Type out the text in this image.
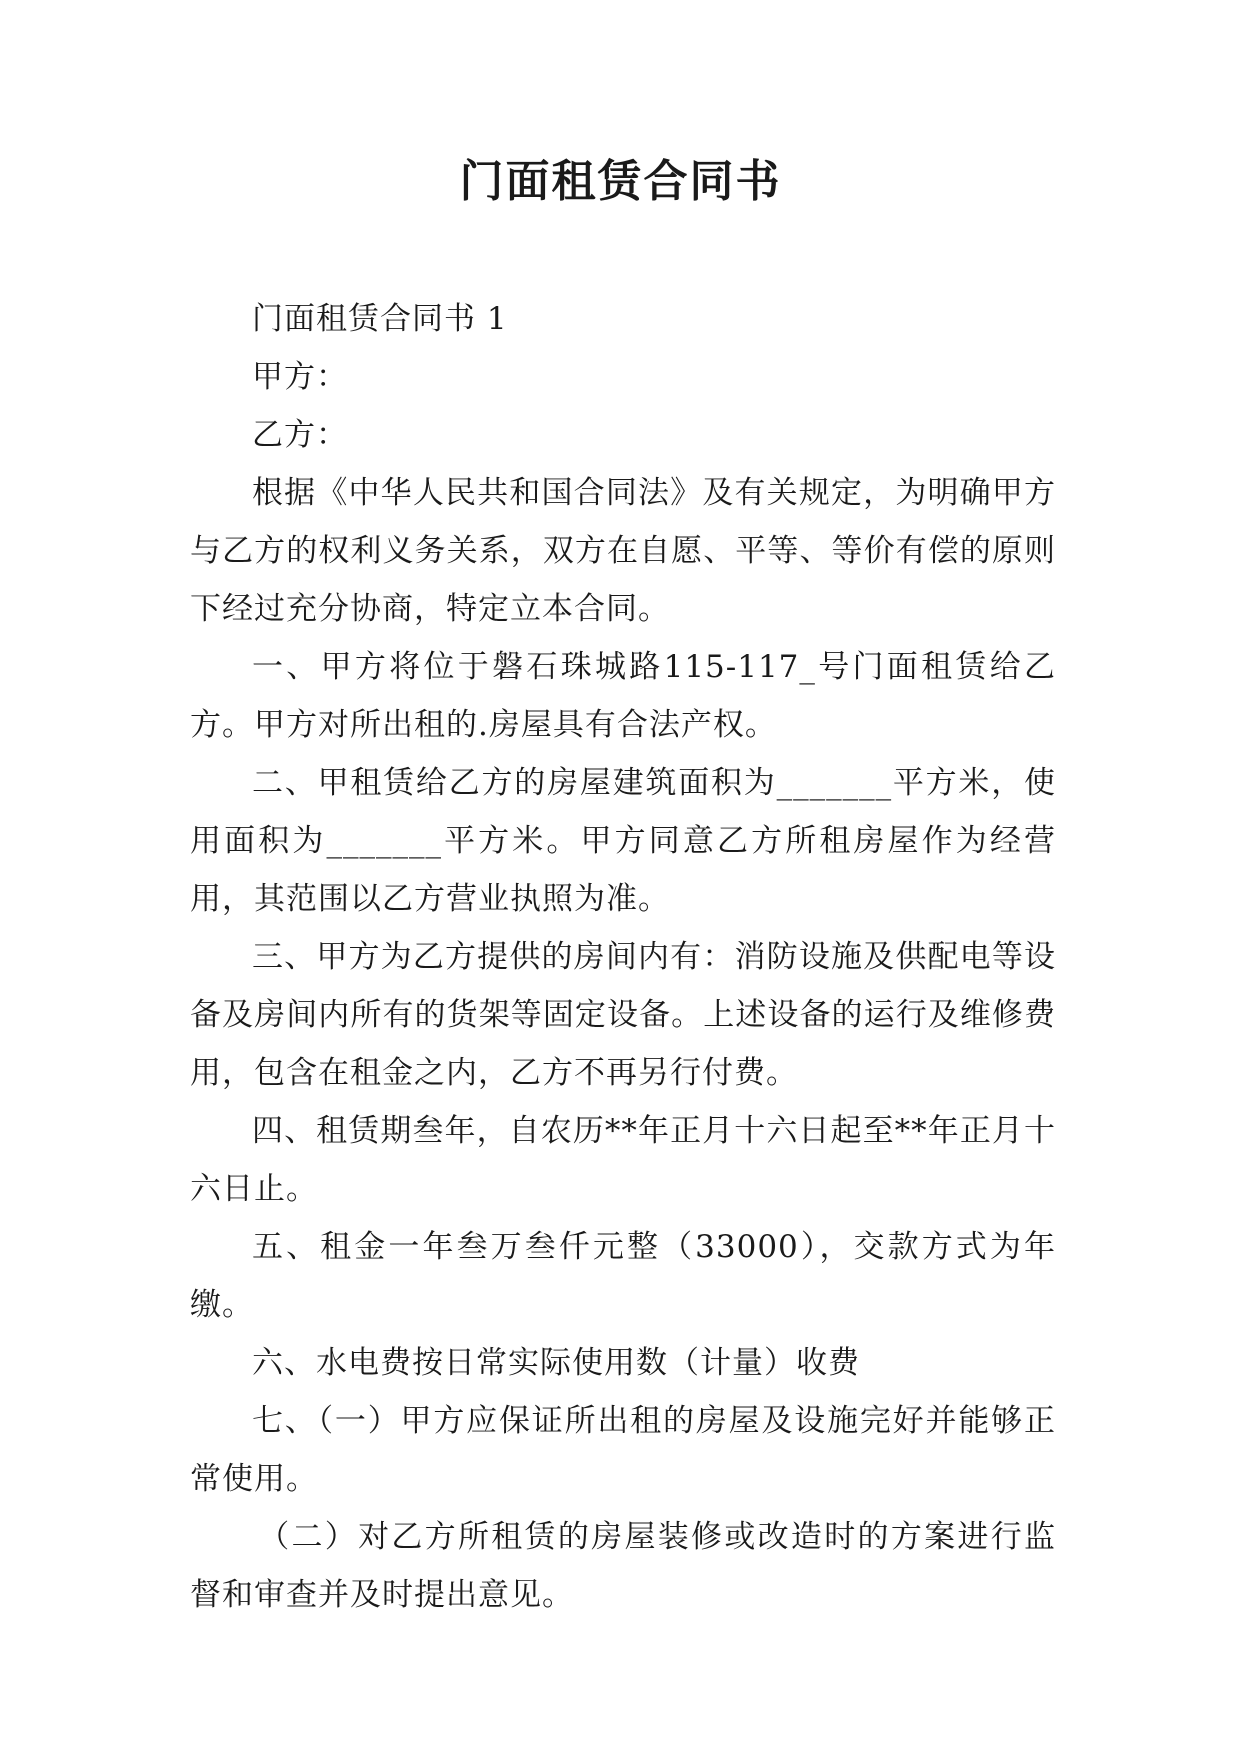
门面租赁合同书

门面租赁合同书 1

甲方：

乙方：

根据《中华人民共和国合同法》及有关规定，为明确甲方与乙方的权利义务关系，双方在自愿、平等、等价有偿的原则下经过充分协商，特定立本合同。

一、甲方将位于磐石珠城路115-117_号门面租赁给乙方。甲方对所出租的.房屋具有合法产权。

二、甲租赁给乙方的房屋建筑面积为_______平方米，使用面积为_______平方米。甲方同意乙方所租房屋作为经营用，其范围以乙方营业执照为准。

三、甲方为乙方提供的房间内有：消防设施及供配电等设备及房间内所有的货架等固定设备。上述设备的运行及维修费用，包含在租金之内，乙方不再另行付费。

四、租赁期叁年，自农历**年正月十六日起至**年正月十六日止。

五、租金一年叁万叁仟元整（33000），交款方式为年缴。

六、水电费按日常实际使用数（计量）收费

七、（一）甲方应保证所出租的房屋及设施完好并能够正常使用。

（二）对乙方所租赁的房屋装修或改造时的方案进行监督和审查并及时提出意见。
